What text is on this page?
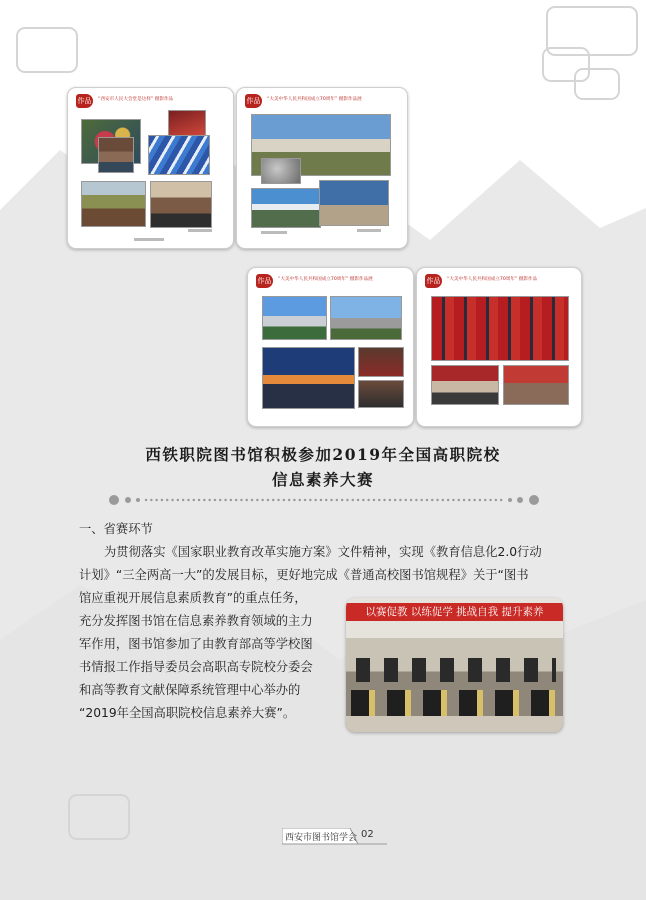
作品	“西安市人民大会堂是这样” 摄影作品	作品	“大美中华人民共和国成立70周年” 摄影作品展
作品	“大美中华人民共和国成立70周年” 摄影作品展	作品	“大美中华人民共和国成立70周年” 摄影作品
西铁职院图书馆积极参加2019年全国高职院校
信息素养大赛
一、省赛环节
为贯彻落实《国家职业教育改革实施方案》文件精神，实现《教育信息化2.0行动
计划》“三全两高一大”的发展目标，更好地完成《普通高校图书馆规程》关于“图书
馆应重视开展信息素质教育”的重点任务，
充分发挥图书馆在信息素养教育领域的主力
军作用，图书馆参加了由教育部高等学校图
书情报工作指导委员会高职高专院校分委会
和高等教育文献保障系统管理中心举办的
“2019年全国高职院校信息素养大赛”。
以赛促教 以练促学 挑战自我 提升素养
西安市图书馆学会 02
